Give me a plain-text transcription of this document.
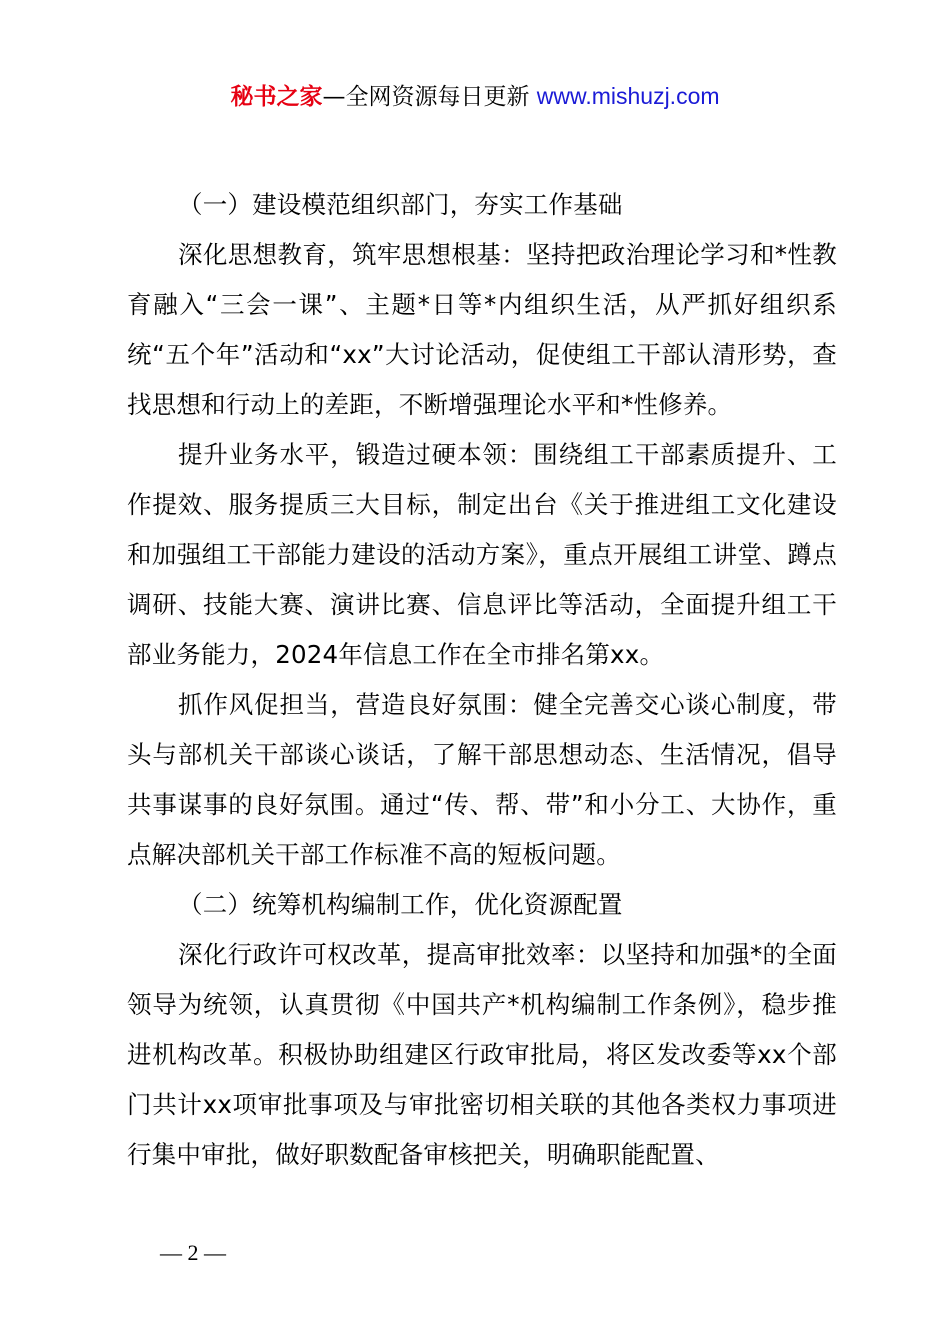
秘书之家—全网资源每日更新 www.mishuzj.com

（一）建设模范组织部门，夯实工作基础

深化思想教育，筑牢思想根基：坚持把政治理论学习和*性教育融入“三会一课”、主题*日等*内组织生活，从严抓好组织系统“五个年”活动和“xx”大讨论活动，促使组工干部认清形势，查找思想和行动上的差距，不断增强理论水平和*性修养。

提升业务水平，锻造过硬本领：围绕组工干部素质提升、工作提效、服务提质三大目标，制定出台《关于推进组工文化建设和加强组工干部能力建设的活动方案》，重点开展组工讲堂、蹲点调研、技能大赛、演讲比赛、信息评比等活动，全面提升组工干部业务能力，2024年信息工作在全市排名第xx。

抓作风促担当，营造良好氛围：健全完善交心谈心制度，带头与部机关干部谈心谈话，了解干部思想动态、生活情况，倡导共事谋事的良好氛围。通过“传、帮、带”和小分工、大协作，重点解决部机关干部工作标准不高的短板问题。

（二）统筹机构编制工作，优化资源配置

深化行政许可权改革，提高审批效率：以坚持和加强*的全面领导为统领，认真贯彻《中国共产*机构编制工作条例》，稳步推进机构改革。积极协助组建区行政审批局，将区发改委等xx个部门共计xx项审批事项及与审批密切相关联的其他各类权力事项进行集中审批，做好职数配备审核把关，明确职能配置、

— 2 —
